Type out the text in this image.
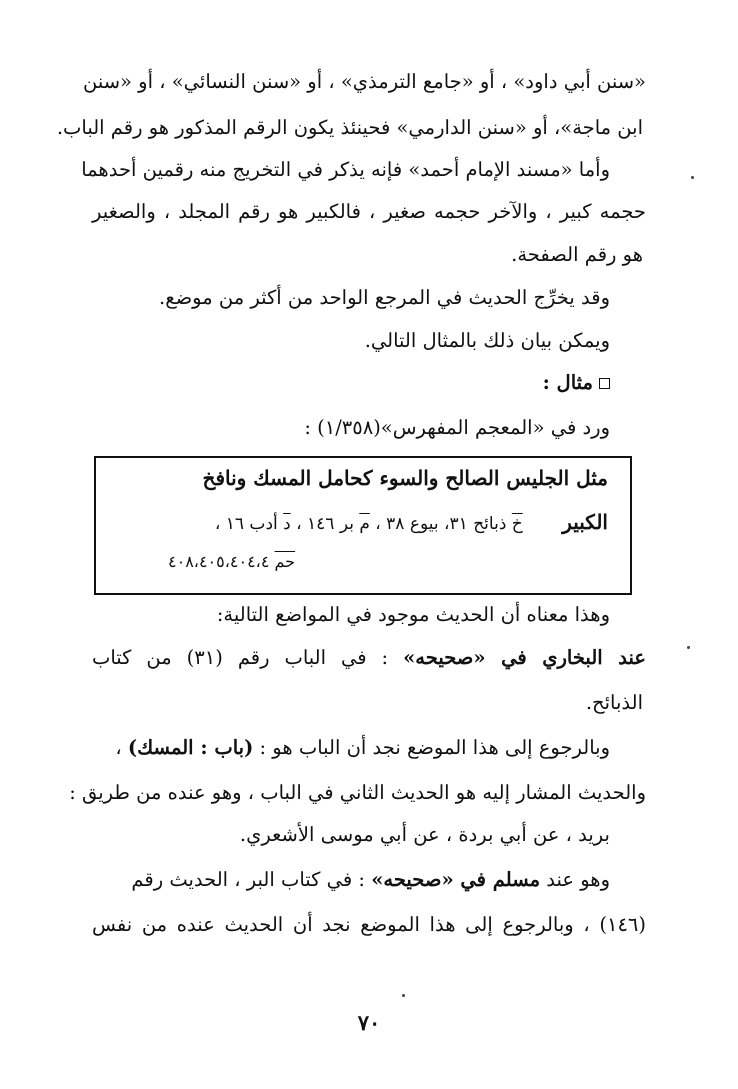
«سنن أبي داود» ، أو «جامع الترمذي» ، أو «سنن النسائي» ، أو «سنن
ابن ماجة»، أو «سنن الدارمي» فحينئذ يكون الرقم المذكور هو رقم الباب.
وأما «مسند الإمام أحمد» فإنه يذكر في التخريج منه رقمين أحدهما
حجمه كبير ، والآخر حجمه صغير ، فالكبير هو رقم المجلد ، والصغير
هو رقم الصفحة.
وقد يخرِّج الحديث في المرجع الواحد من أكثر من موضع.
ويمكن بيان ذلك بالمثال التالي.
مثال :
ورد في «المعجم المفهرس»(١/٣٥٨) :
مثل الجليس الصالح والسوء كحامل المسك ونافخ
الكبير خ ذبائح ٣١، بيوع ٣٨ ، م بر ١٤٦ ، د أدب ١٦ ،
حم ٤٠٨،٤٠٥،٤٠٤،٤
وهذا معناه أن الحديث موجود في المواضع التالية:
عند البخاري في «صحيحه» : في الباب رقم (٣١) من كتاب
الذبائح.
وبالرجوع إلى هذا الموضع نجد أن الباب هو : (باب : المسك) ،
والحديث المشار إليه هو الحديث الثاني في الباب ، وهو عنده من طريق :
بريد ، عن أبي بردة ، عن أبي موسى الأشعري.
وهو عند مسلم في «صحيحه» : في كتاب البر ، الحديث رقم
(١٤٦) ، وبالرجوع إلى هذا الموضع نجد أن الحديث عنده من نفس
٧٠
